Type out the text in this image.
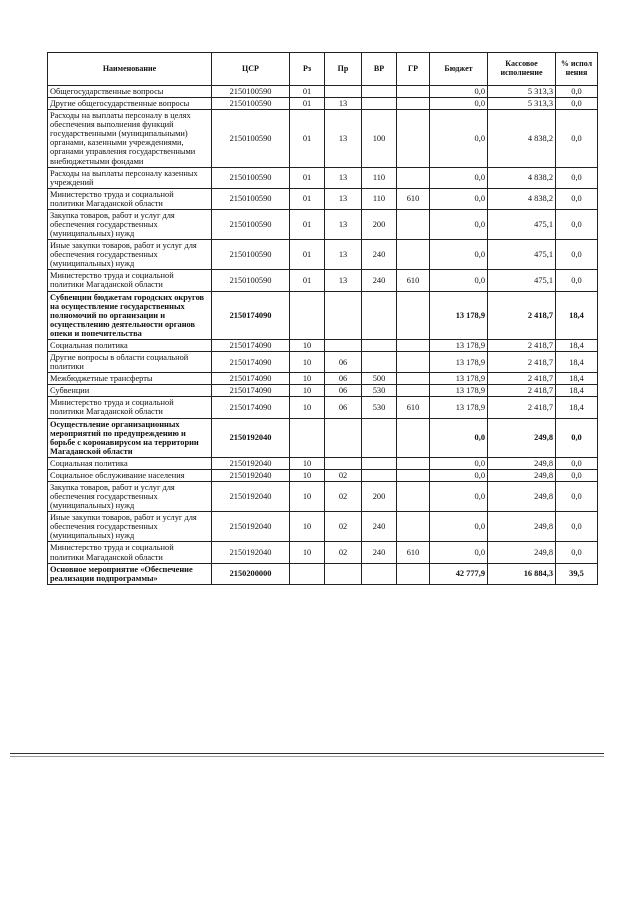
Наименование	ЦСР	Рз	Пр	ВР	ГР	Бюджет	Кассовое исполнение	% испол нения
Общегосударственные вопросы	2150100590	01				0,0	5 313,3	0,0
Другие общегосударственные вопросы	2150100590	01	13			0,0	5 313,3	0,0
Расходы на выплаты персоналу в целях обеспечения выполнения функций государственными (муниципальными) органами, казенными учреждениями, органами управления государственными внебюджетными фондами	2150100590	01	13	100		0,0	4 838,2	0,0
Расходы на выплаты персоналу казенных учреждений	2150100590	01	13	110		0,0	4 838,2	0,0
Министерство труда и социальной политики Магаданской области	2150100590	01	13	110	610	0,0	4 838,2	0,0
Закупка товаров, работ и услуг для обеспечения государственных (муниципальных) нужд	2150100590	01	13	200		0,0	475,1	0,0
Иные закупки товаров, работ и услуг для обеспечения государственных (муниципальных) нужд	2150100590	01	13	240		0,0	475,1	0,0
Министерство труда и социальной политики Магаданской области	2150100590	01	13	240	610	0,0	475,1	0,0
Субвенции бюджетам городских округов на осуществление государственных полномочий по организации и осуществлению деятельности органов опеки и попечительства	2150174090					13 178,9	2 418,7	18,4
Социальная политика	2150174090	10				13 178,9	2 418,7	18,4
Другие вопросы в области социальной политики	2150174090	10	06			13 178,9	2 418,7	18,4
Межбюджетные трансферты	2150174090	10	06	500		13 178,9	2 418,7	18,4
Субвенции	2150174090	10	06	530		13 178,9	2 418,7	18,4
Министерство труда и социальной политики Магаданской области	2150174090	10	06	530	610	13 178,9	2 418,7	18,4
Осуществление организационных мероприятий по предупреждению и борьбе с коронавирусом на территории Магаданской области	2150192040					0,0	249,8	0,0
Социальная политика	2150192040	10				0,0	249,8	0,0
Социальное обслуживание населения	2150192040	10	02			0,0	249,8	0,0
Закупка товаров, работ и услуг для обеспечения государственных (муниципальных) нужд	2150192040	10	02	200		0,0	249,8	0,0
Иные закупки товаров, работ и услуг для обеспечения государственных (муниципальных) нужд	2150192040	10	02	240		0,0	249,8	0,0
Министерство труда и социальной политики Магаданской области	2150192040	10	02	240	610	0,0	249,8	0,0
Основное мероприятие «Обеспечение реализации подпрограммы»	2150200000					42 777,9	16 884,3	39,5
